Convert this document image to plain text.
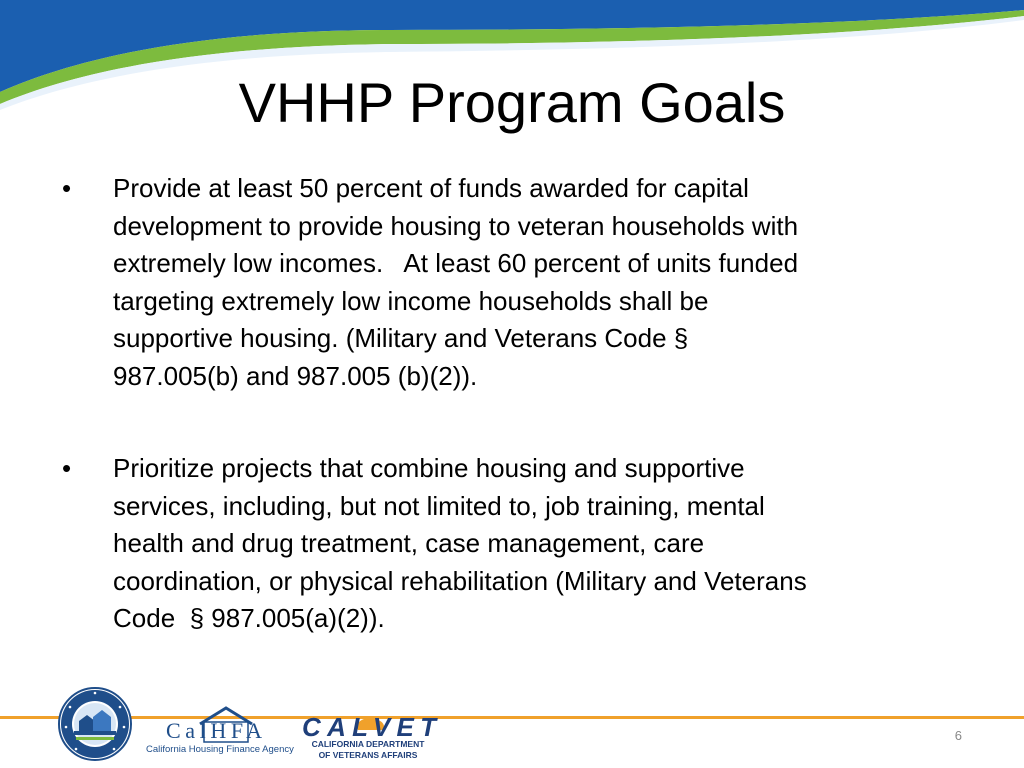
VHHP Program Goals
• Provide at least 50 percent of funds awarded for capital
development to provide housing to veteran households with
extremely low incomes.   At least 60 percent of units funded
targeting extremely low income households shall be
supportive housing. (Military and Veterans Code §
987.005(b) and 987.005 (b)(2)).
• Prioritize projects that combine housing and supportive
services, including, but not limited to, job training, mental
health and drug treatment, case management, care
coordination, or physical rehabilitation (Military and Veterans
Code  § 987.005(a)(2)).
CalHFA
California Housing Finance Agency
CALVET
CALIFORNIA DEPARTMENT
OF VETERANS AFFAIRS
6
